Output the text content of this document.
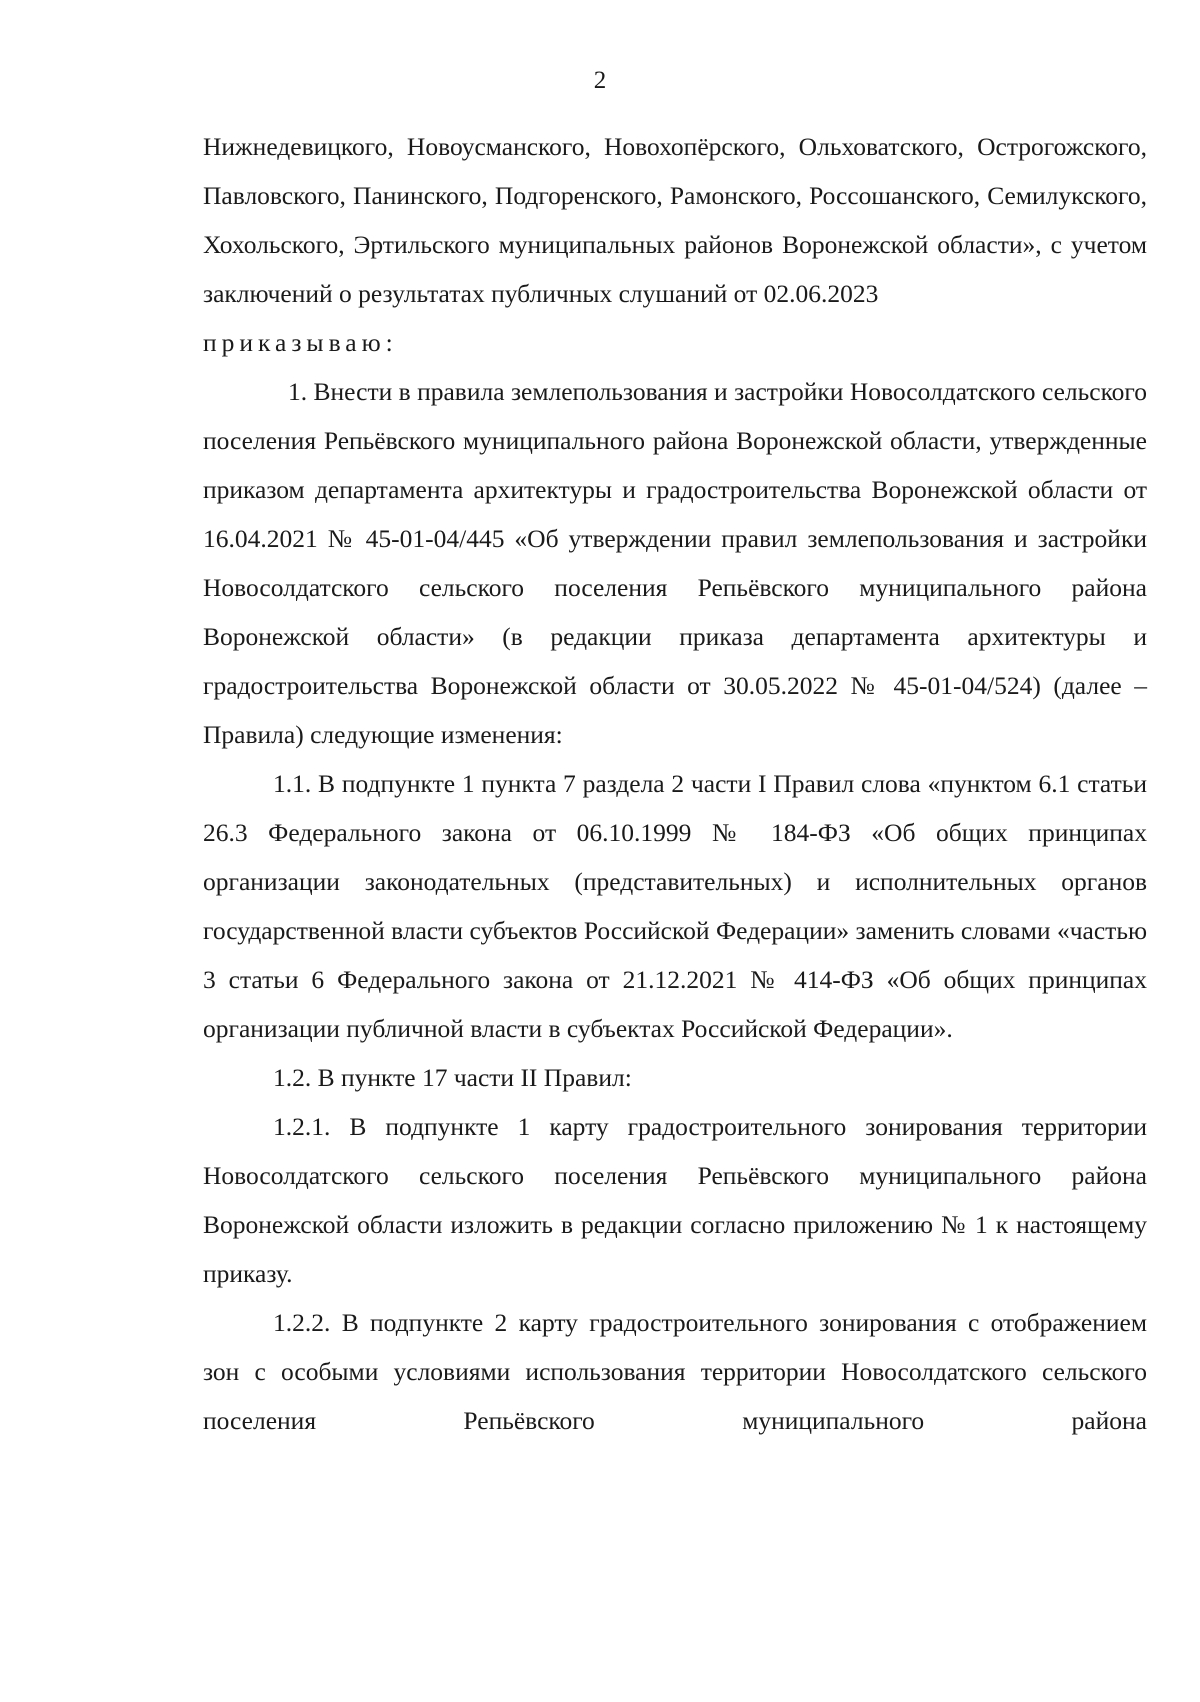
2

Нижнедевицкого, Новоусманского, Новохопёрского, Ольховатского, Острогожского, Павловского, Панинского, Подгоренского, Рамонского, Россошанского, Семилукского, Хохольского, Эртильского муниципальных районов Воронежской области», с учетом заключений о результатах публичных слушаний от 02.06.2023

приказываю:

1. Внести в правила землепользования и застройки Новосолдатского сельского поселения Репьёвского муниципального района Воронежской области, утвержденные приказом департамента архитектуры и градостроительства Воронежской области от 16.04.2021 № 45-01-04/445 «Об утверждении правил землепользования и застройки Новосолдатского сельского поселения Репьёвского муниципального района Воронежской области» (в редакции приказа департамента архитектуры и градостроительства Воронежской области от 30.05.2022 № 45-01-04/524) (далее – Правила) следующие изменения:

1.1. В подпункте 1 пункта 7 раздела 2 части I Правил слова «пунктом 6.1 статьи 26.3 Федерального закона от 06.10.1999 № 184-ФЗ «Об общих принципах организации законодательных (представительных) и исполнительных органов государственной власти субъектов Российской Федерации» заменить словами «частью 3 статьи 6 Федерального закона от 21.12.2021 № 414-ФЗ «Об общих принципах организации публичной власти в субъектах Российской Федерации».

1.2. В пункте 17 части II Правил:

1.2.1. В подпункте 1 карту градостроительного зонирования территории Новосолдатского сельского поселения Репьёвского муниципального района Воронежской области изложить в редакции согласно приложению № 1 к настоящему приказу.

1.2.2. В подпункте 2 карту градостроительного зонирования с отображением зон с особыми условиями использования территории Новосолдатского сельского поселения Репьёвского муниципального района
